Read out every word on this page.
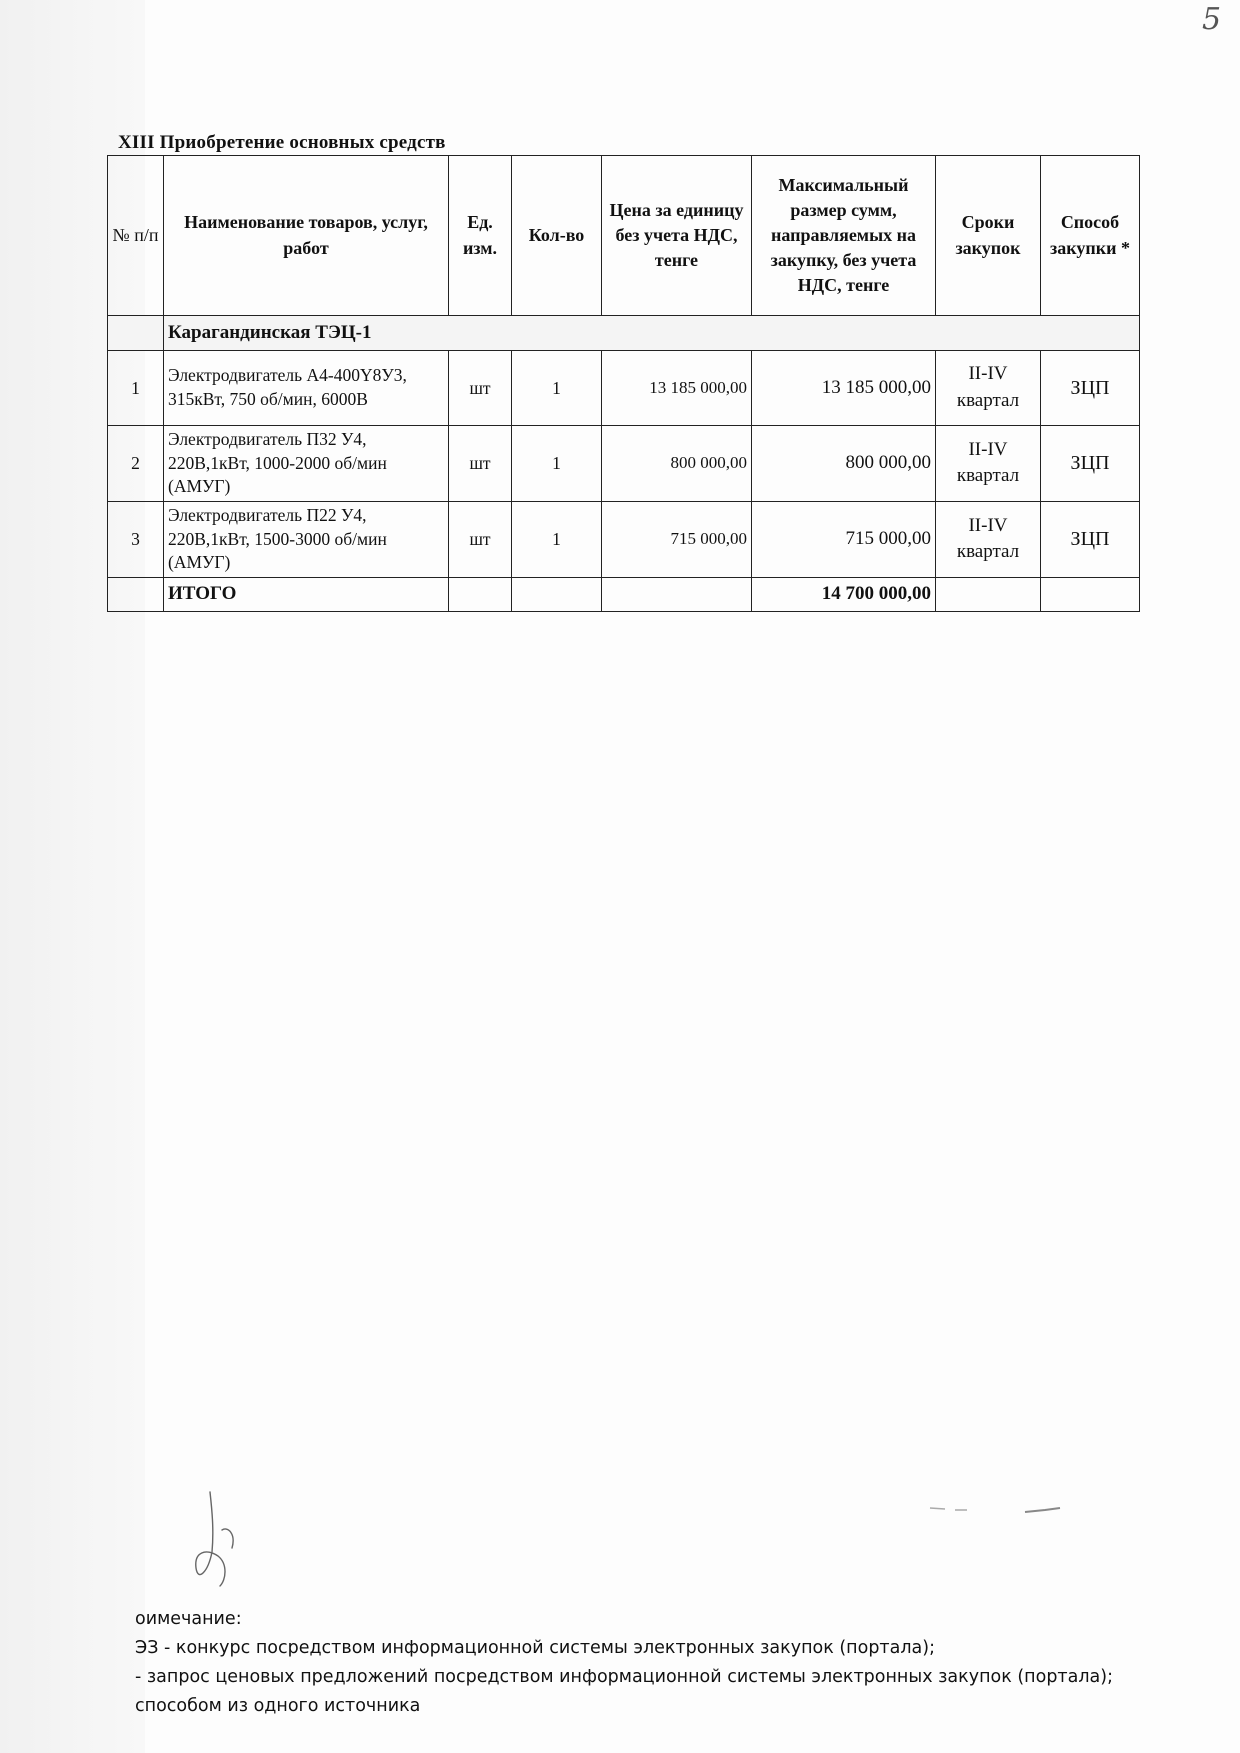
5
XIII Приобретение основных средств
№ п/п	Наименование товаров, услуг, работ	Ед. изм.	Кол-во	Цена за единицу без учета НДС, тенге	Максимальный размер сумм, направляемых на закупку, без учета НДС, тенге	Сроки закупок	Способ закупки *
	Карагандинская ТЭЦ-1						
1	Электродвигатель А4-400Y8У3, 315кВт, 750 об/мин, 6000В	шт	1	13 185 000,00	13 185 000,00	II-IV квартал	ЗЦП
2	Электродвигатель П32 У4, 220В,1кВт, 1000-2000 об/мин (АМУГ)	шт	1	800 000,00	800 000,00	II-IV квартал	ЗЦП
3	Электродвигатель П22 У4, 220В,1кВт, 1500-3000 об/мин (АМУГ)	шт	1	715 000,00	715 000,00	II-IV квартал	ЗЦП
	ИТОГО				14 700 000,00		
оимечание:
ЭЗ - конкурс посредством информационной системы электронных закупок (портала);
- запрос ценовых предложений посредством информационной системы электронных закупок (портала);
способом из одного источника
